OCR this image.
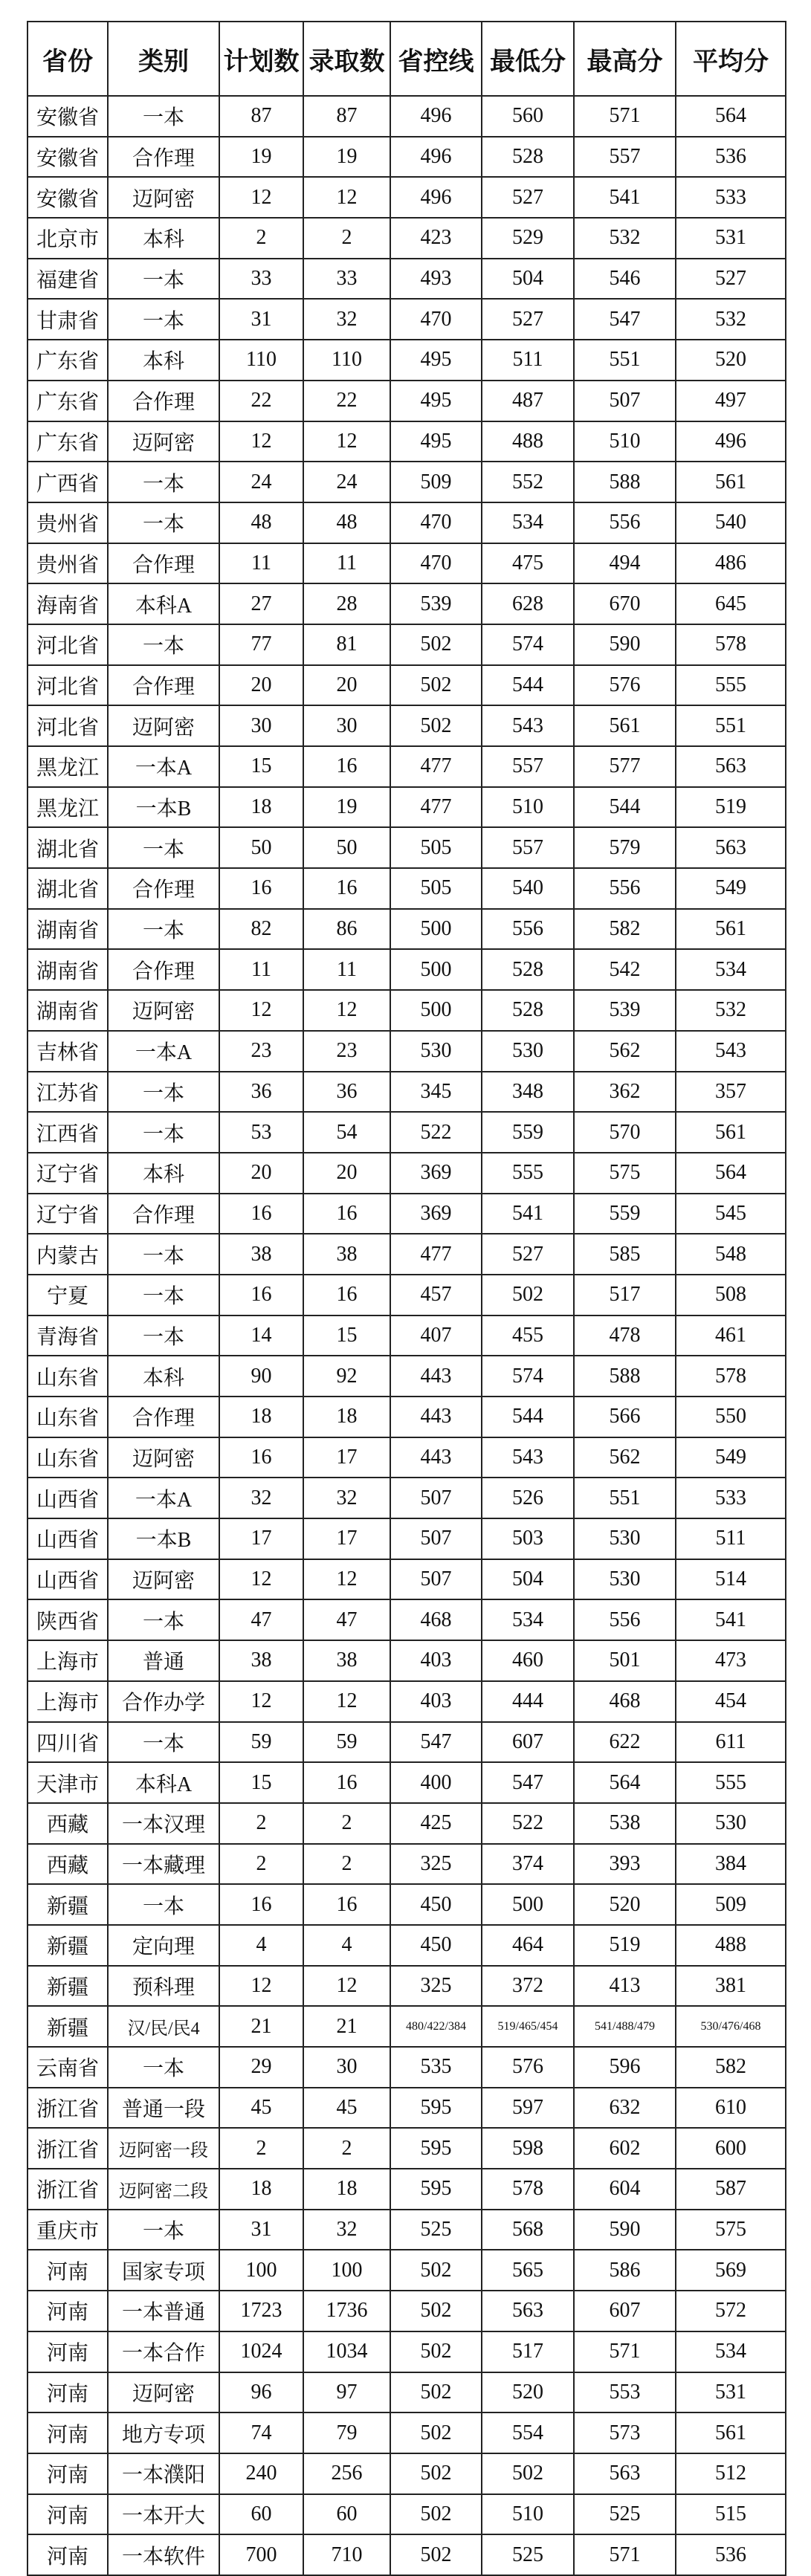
省份	类别	计划数	录取数	省控线	最低分	最高分	平均分
安徽省	一本	87	87	496	560	571	564
安徽省	合作理	19	19	496	528	557	536
安徽省	迈阿密	12	12	496	527	541	533
北京市	本科	2	2	423	529	532	531
福建省	一本	33	33	493	504	546	527
甘肃省	一本	31	32	470	527	547	532
广东省	本科	110	110	495	511	551	520
广东省	合作理	22	22	495	487	507	497
广东省	迈阿密	12	12	495	488	510	496
广西省	一本	24	24	509	552	588	561
贵州省	一本	48	48	470	534	556	540
贵州省	合作理	11	11	470	475	494	486
海南省	本科A	27	28	539	628	670	645
河北省	一本	77	81	502	574	590	578
河北省	合作理	20	20	502	544	576	555
河北省	迈阿密	30	30	502	543	561	551
黑龙江	一本A	15	16	477	557	577	563
黑龙江	一本B	18	19	477	510	544	519
湖北省	一本	50	50	505	557	579	563
湖北省	合作理	16	16	505	540	556	549
湖南省	一本	82	86	500	556	582	561
湖南省	合作理	11	11	500	528	542	534
湖南省	迈阿密	12	12	500	528	539	532
吉林省	一本A	23	23	530	530	562	543
江苏省	一本	36	36	345	348	362	357
江西省	一本	53	54	522	559	570	561
辽宁省	本科	20	20	369	555	575	564
辽宁省	合作理	16	16	369	541	559	545
内蒙古	一本	38	38	477	527	585	548
宁夏	一本	16	16	457	502	517	508
青海省	一本	14	15	407	455	478	461
山东省	本科	90	92	443	574	588	578
山东省	合作理	18	18	443	544	566	550
山东省	迈阿密	16	17	443	543	562	549
山西省	一本A	32	32	507	526	551	533
山西省	一本B	17	17	507	503	530	511
山西省	迈阿密	12	12	507	504	530	514
陕西省	一本	47	47	468	534	556	541
上海市	普通	38	38	403	460	501	473
上海市	合作办学	12	12	403	444	468	454
四川省	一本	59	59	547	607	622	611
天津市	本科A	15	16	400	547	564	555
西藏	一本汉理	2	2	425	522	538	530
西藏	一本藏理	2	2	325	374	393	384
新疆	一本	16	16	450	500	520	509
新疆	定向理	4	4	450	464	519	488
新疆	预科理	12	12	325	372	413	381
新疆	汉/民/民4	21	21	480/422/384	519/465/454	541/488/479	530/476/468
云南省	一本	29	30	535	576	596	582
浙江省	普通一段	45	45	595	597	632	610
浙江省	迈阿密一段	2	2	595	598	602	600
浙江省	迈阿密二段	18	18	595	578	604	587
重庆市	一本	31	32	525	568	590	575
河南	国家专项	100	100	502	565	586	569
河南	一本普通	1723	1736	502	563	607	572
河南	一本合作	1024	1034	502	517	571	534
河南	迈阿密	96	97	502	520	553	531
河南	地方专项	74	79	502	554	573	561
河南	一本濮阳	240	256	502	502	563	512
河南	一本开大	60	60	502	510	525	515
河南	一本软件	700	710	502	525	571	536
